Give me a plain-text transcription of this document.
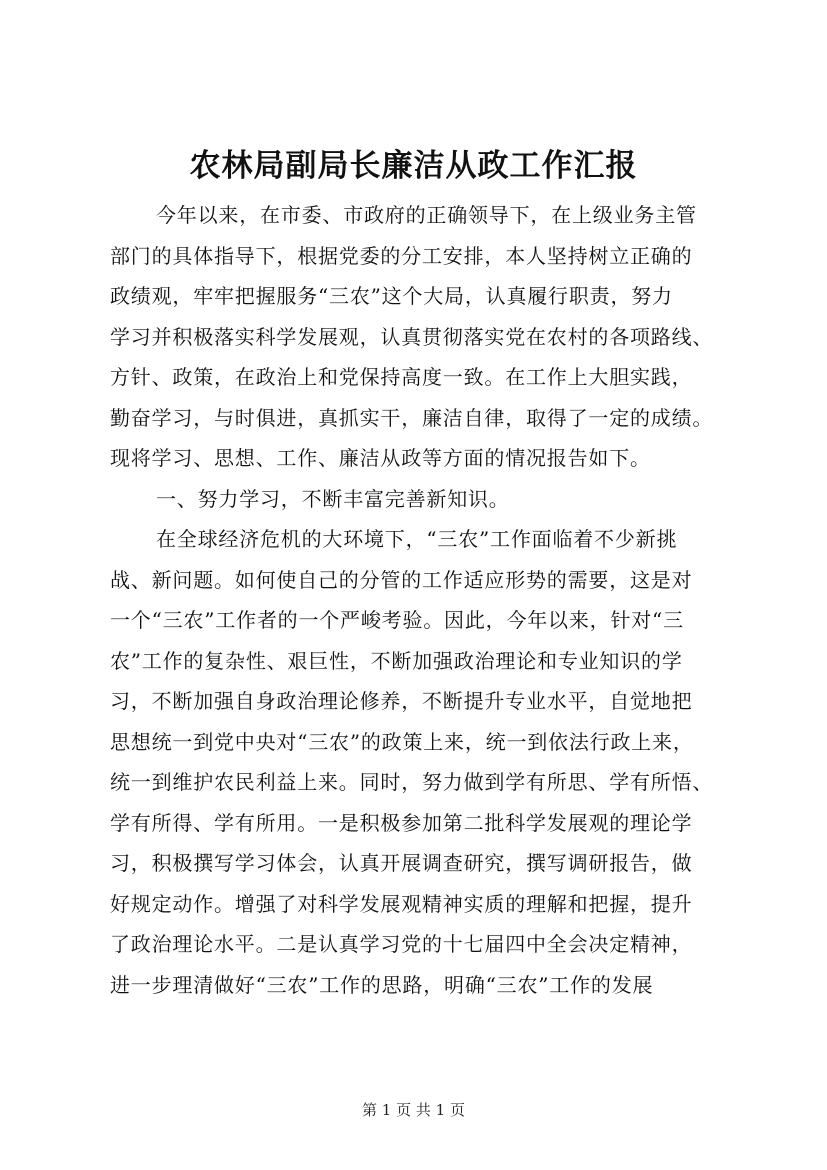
农林局副局长廉洁从政工作汇报
今年以来，在市委、市政府的正确领导下，在上级业务主管
部门的具体指导下，根据党委的分工安排，本人坚持树立正确的
政绩观，牢牢把握服务“三农”这个大局，认真履行职责，努力
学习并积极落实科学发展观，认真贯彻落实党在农村的各项路线、
方针、政策，在政治上和党保持高度一致。在工作上大胆实践，
勤奋学习，与时俱进，真抓实干，廉洁自律，取得了一定的成绩。
现将学习、思想、工作、廉洁从政等方面的情况报告如下。
一、努力学习，不断丰富完善新知识。
在全球经济危机的大环境下，“三农”工作面临着不少新挑
战、新问题。如何使自己的分管的工作适应形势的需要，这是对
一个“三农”工作者的一个严峻考验。因此，今年以来，针对“三
农”工作的复杂性、艰巨性，不断加强政治理论和专业知识的学
习，不断加强自身政治理论修养，不断提升专业水平，自觉地把
思想统一到党中央对“三农”的政策上来，统一到依法行政上来，
统一到维护农民利益上来。同时，努力做到学有所思、学有所悟、
学有所得、学有所用。一是积极参加第二批科学发展观的理论学
习，积极撰写学习体会，认真开展调查研究，撰写调研报告，做
好规定动作。增强了对科学发展观精神实质的理解和把握，提升
了政治理论水平。二是认真学习党的十七届四中全会决定精神，
进一步理清做好“三农”工作的思路，明确“三农”工作的发展
第 1 页 共 1 页
